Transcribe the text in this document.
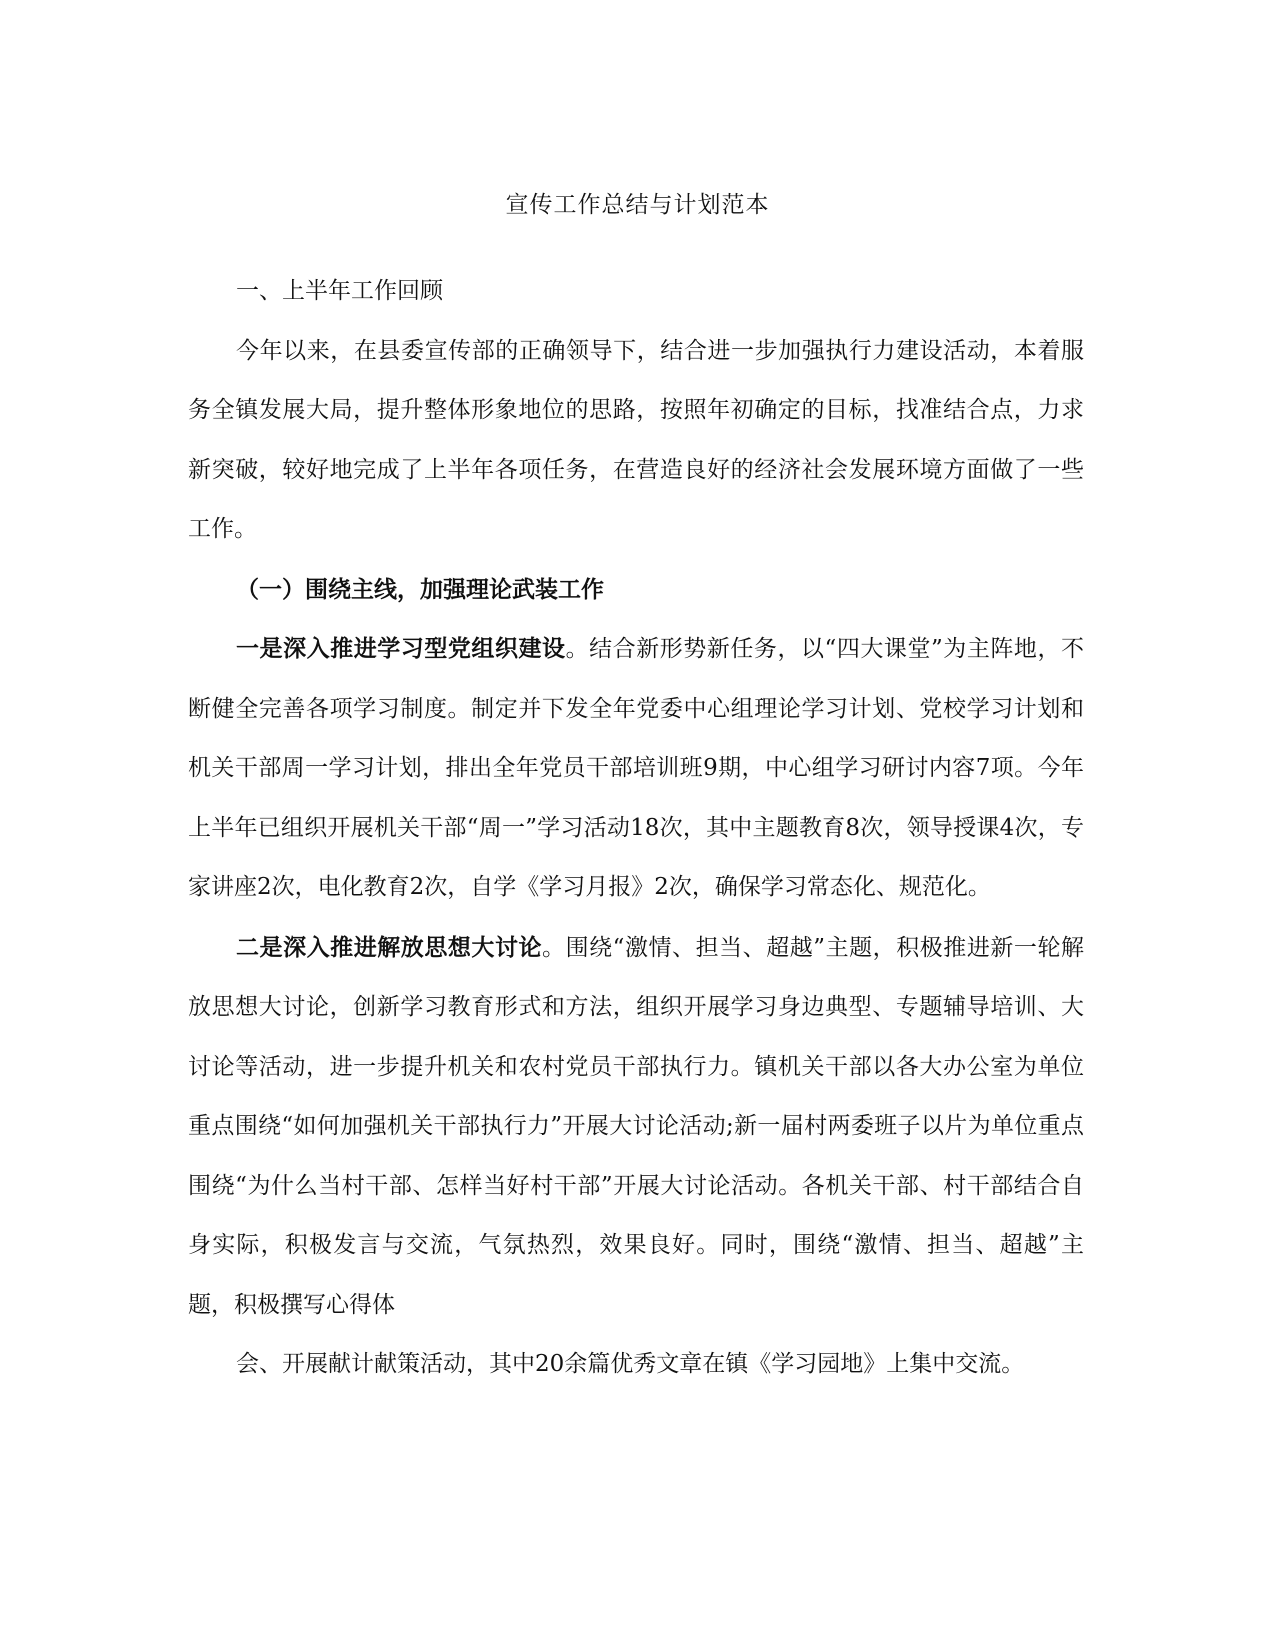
宣传工作总结与计划范本

一、上半年工作回顾

今年以来，在县委宣传部的正确领导下，结合进一步加强执行力建设活动，本着服务全镇发展大局，提升整体形象地位的思路，按照年初确定的目标，找准结合点，力求新突破，较好地完成了上半年各项任务，在营造良好的经济社会发展环境方面做了一些工作。

（一）围绕主线，加强理论武装工作

一是深入推进学习型党组织建设。结合新形势新任务，以“四大课堂”为主阵地，不断健全完善各项学习制度。制定并下发全年党委中心组理论学习计划、党校学习计划和机关干部周一学习计划，排出全年党员干部培训班9期，中心组学习研讨内容7项。今年上半年已组织开展机关干部“周一”学习活动18次，其中主题教育8次，领导授课4次，专家讲座2次，电化教育2次，自学《学习月报》2次，确保学习常态化、规范化。

二是深入推进解放思想大讨论。围绕“激情、担当、超越”主题，积极推进新一轮解放思想大讨论，创新学习教育形式和方法，组织开展学习身边典型、专题辅导培训、大讨论等活动，进一步提升机关和农村党员干部执行力。镇机关干部以各大办公室为单位重点围绕“如何加强机关干部执行力”开展大讨论活动;新一届村两委班子以片为单位重点围绕“为什么当村干部、怎样当好村干部”开展大讨论活动。各机关干部、村干部结合自身实际，积极发言与交流，气氛热烈，效果良好。同时，围绕“激情、担当、超越”主题，积极撰写心得体

会、开展献计献策活动，其中20余篇优秀文章在镇《学习园地》上集中交流。
